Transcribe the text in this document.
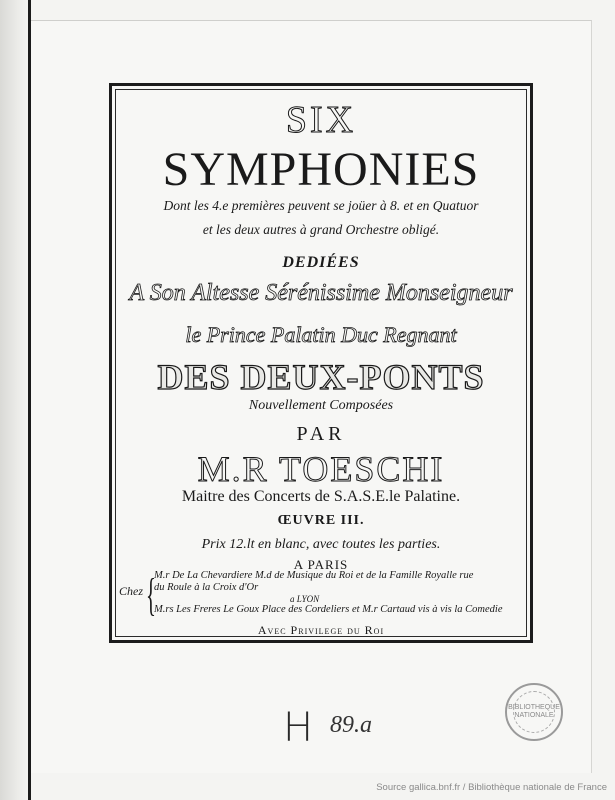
SIX
SYMPHONIES
Dont les 4.e premières peuvent se joüer à 8. et en Quatuor
et les deux autres à grand Orchestre obligé.
DEDIÉES
A Son Altesse Sérénissime Monseigneur
le Prince Palatin Duc Regnant
DES DEUX-PONTS
Nouvellement Composées
PAR
M.R TOESCHI
Maitre des Concerts de S.A.S.E.le Palatine.
ŒUVRE III.
Prix 12.lt en blanc, avec toutes les parties.
A PARIS
Chez {
M.r De La Chevardiere M.d de Musique du Roi et de la Famille Royalle rue
du Roule à la Croix d'Or
a LYON
M.rs Les Freres Le Goux Place des Cordeliers et M.r Cartaud vis à vis la Comedie
Avec Privilege du Roi
H 89.a
BIBLIOTHEQUE NATIONALE
Source gallica.bnf.fr / Bibliothèque nationale de France
